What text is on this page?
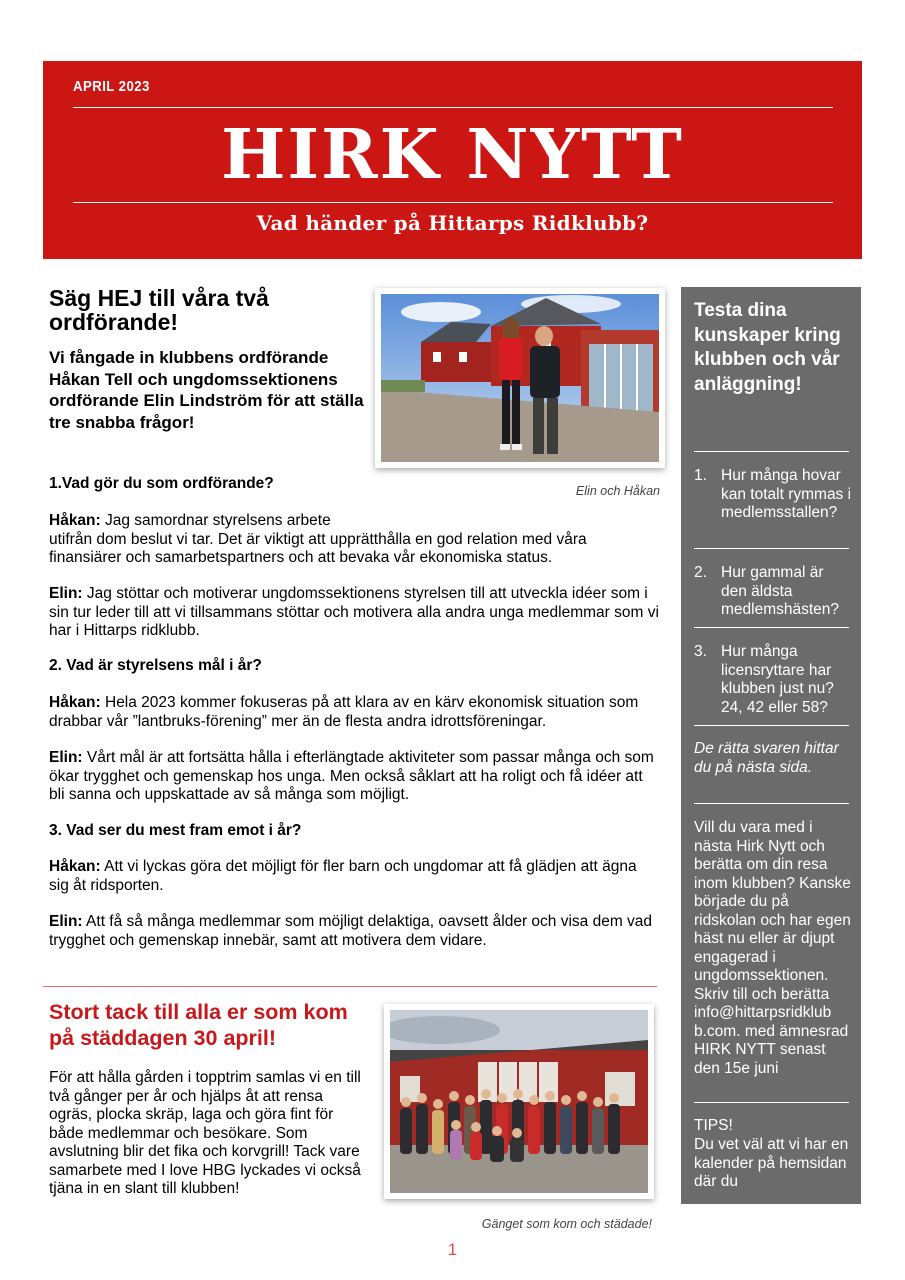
APRIL 2023
HIRK NYTT
Vad händer på Hittarps Ridklubb?
Säg HEJ till våra två ordförande!

Vi fångade in klubbens ordförande Håkan Tell och ungdomssektionens ordförande Elin Lindström för att ställa tre snabba frågor!

Elin och Håkan
1.Vad gör du som ordförande?

Håkan: Jag samordnar styrelsens arbete
utifrån dom beslut vi tar. Det är viktigt att upprätthålla en god relation med våra finansiärer och samarbetspartners och att bevaka vår ekonomiska status.

Elin: Jag stöttar och motiverar ungdomssektionens styrelsen till att utveckla idéer som i sin tur leder till att vi tillsammans stöttar och motivera alla andra unga medlemmar som vi har i Hittarps ridklubb.

2. Vad är styrelsens mål i år?

Håkan: Hela 2023 kommer fokuseras på att klara av en kärv ekonomisk situation som drabbar vår ”lantbruks-förening” mer än de flesta andra idrottsföreningar.

Elin: Vårt mål är att fortsätta hålla i efterlängtade aktiviteter som passar många och som ökar trygghet och gemenskap hos unga. Men också såklart att ha roligt och få idéer att bli sanna och uppskattade av så många som möjligt.

3. Vad ser du mest fram emot i år?

Håkan: Att vi lyckas göra det möjligt för fler barn och ungdomar att få glädjen att ägna sig åt ridsporten.

Elin: Att få så många medlemmar som möjligt delaktiga, oavsett ålder och visa dem vad trygghet och gemenskap innebär, samt att motivera dem vidare.

Stort tack till alla er som kom på städdagen 30 april!

För att hålla gården i topptrim samlas vi en till två gånger per år och hjälps åt att rensa ogräs, plocka skräp, laga och göra fint för både medlemmar och besökare. Som avslutning blir det fika och korvgrill! Tack vare samarbete med I love HBG lyckades vi också tjäna in en slant till klubben!

Gänget som kom och städade!
1
Testa dina kunskaper kring klubben och vår anläggning!
1. Hur många hovar kan totalt rymmas i medlemsstallen?
2. Hur gammal är den äldsta medlemshästen?
3. Hur många licensryttare har klubben just nu? 24, 42 eller 58?
De rätta svaren hittar du på nästa sida.
Vill du vara med i nästa Hirk Nytt och berätta om din resa inom klubben? Kanske började du på ridskolan och har egen häst nu eller är djupt engagerad i ungdomssektionen. Skriv till och berätta info@hittarpsridklub b.com. med ämnesrad HIRK NYTT senast den 15e juni
TIPS!
Du vet väl att vi har en kalender på hemsidan där du
